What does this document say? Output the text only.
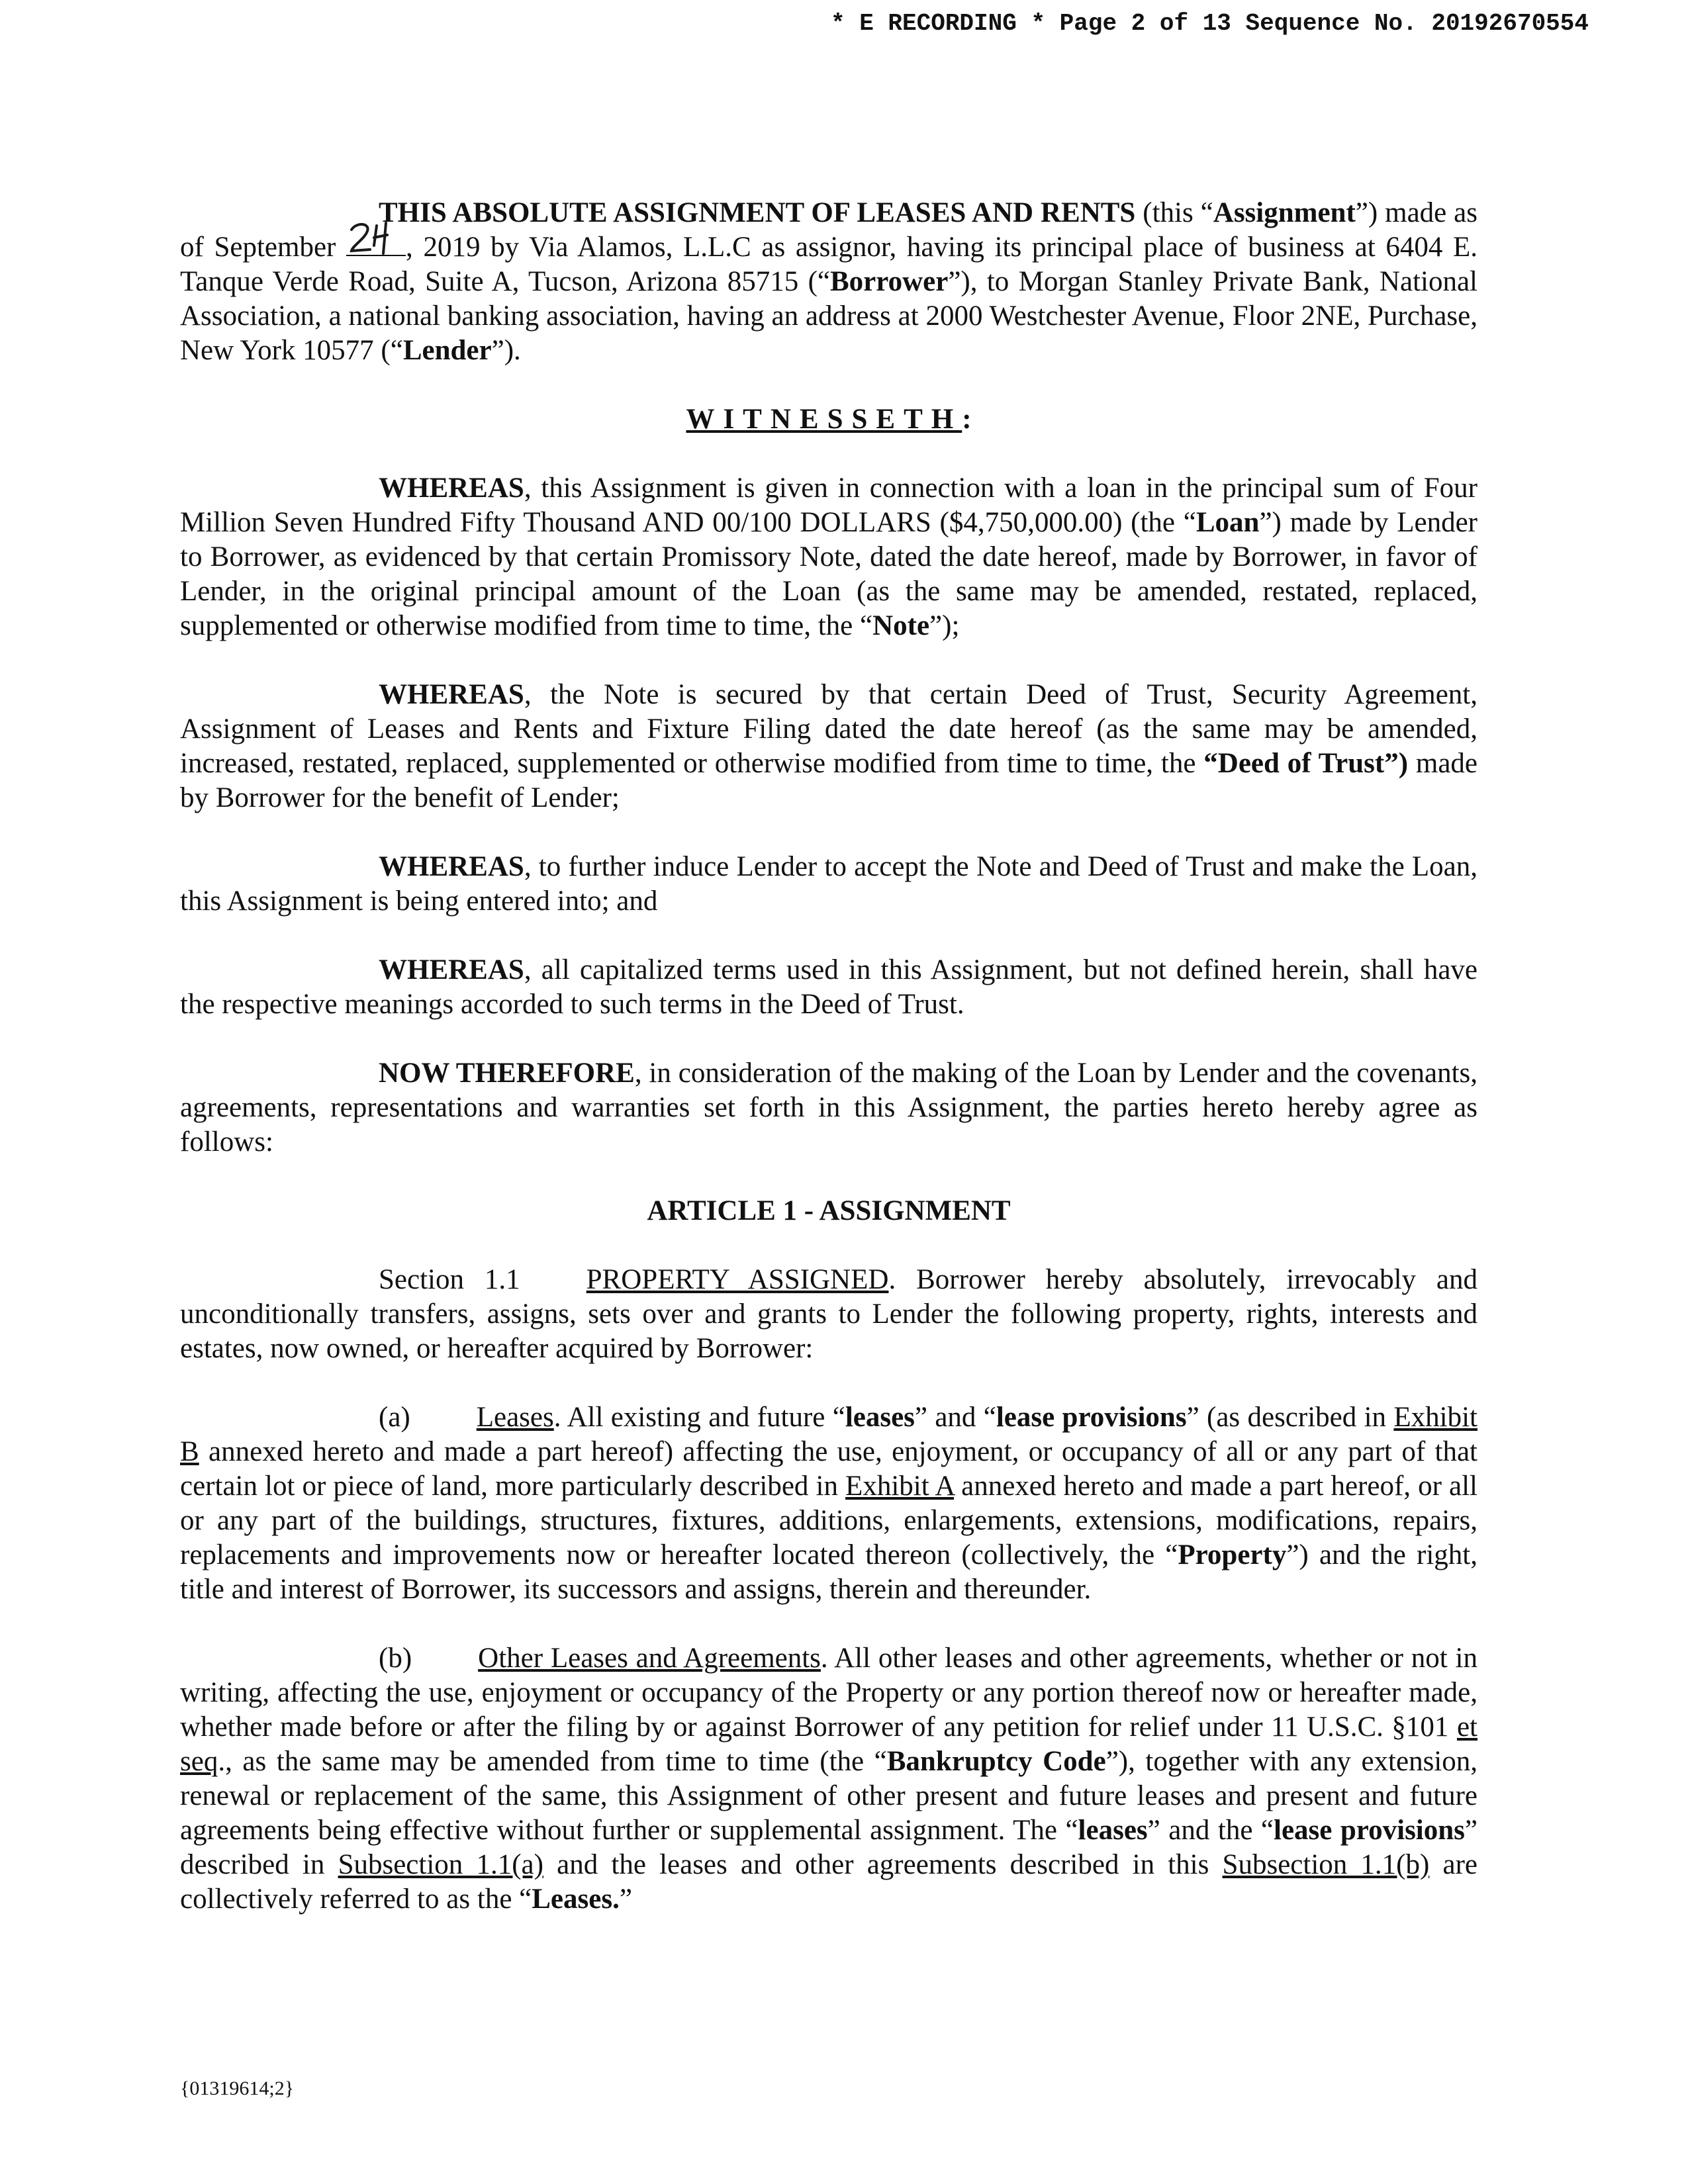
* E RECORDING * Page 2 of 13 Sequence No. 20192670554

THIS ABSOLUTE ASSIGNMENT OF LEASES AND RENTS (this “Assignment”) made as of September
, 2019 by Via Alamos, L.L.C as assignor, having its principal place of business at 6404 E. Tanque Verde Road, Suite A, Tucson, Arizona 85715 (“Borrower”), to Morgan Stanley Private Bank, National Association, a national banking association, having an address at 2000 Westchester Avenue, Floor 2NE, Purchase, New York 10577 (“Lender”).

WITNESSETH:

WHEREAS, this Assignment is given in connection with a loan in the principal sum of Four Million Seven Hundred Fifty Thousand AND 00/100 DOLLARS ($4,750,000.00) (the “Loan”) made by Lender to Borrower, as evidenced by that certain Promissory Note, dated the date hereof, made by Borrower, in favor of Lender, in the original principal amount of the Loan (as the same may be amended, restated, replaced, supplemented or otherwise modified from time to time, the “Note”);

WHEREAS, the Note is secured by that certain Deed of Trust, Security Agreement, Assignment of Leases and Rents and Fixture Filing dated the date hereof (as the same may be amended, increased, restated, replaced, supplemented or otherwise modified from time to time, the “Deed of Trust”) made by Borrower for the benefit of Lender;

WHEREAS, to further induce Lender to accept the Note and Deed of Trust and make the Loan, this Assignment is being entered into; and

WHEREAS, all capitalized terms used in this Assignment, but not defined herein, shall have the respective meanings accorded to such terms in the Deed of Trust.

NOW THEREFORE, in consideration of the making of the Loan by Lender and the covenants, agreements, representations and warranties set forth in this Assignment, the parties hereto hereby agree as follows:

ARTICLE 1 - ASSIGNMENT

Section 1.1 PROPERTY ASSIGNED. Borrower hereby absolutely, irrevocably and unconditionally transfers, assigns, sets over and grants to Lender the following property, rights, interests and estates, now owned, or hereafter acquired by Borrower:

(a) Leases. All existing and future “leases” and “lease provisions” (as described in Exhibit B annexed hereto and made a part hereof) affecting the use, enjoyment, or occupancy of all or any part of that certain lot or piece of land, more particularly described in Exhibit A annexed hereto and made a part hereof, or all or any part of the buildings, structures, fixtures, additions, enlargements, extensions, modifications, repairs, replacements and improvements now or hereafter located thereon (collectively, the “Property”) and the right, title and interest of Borrower, its successors and assigns, therein and thereunder.

(b) Other Leases and Agreements. All other leases and other agreements, whether or not in writing, affecting the use, enjoyment or occupancy of the Property or any portion thereof now or hereafter made, whether made before or after the filing by or against Borrower of any petition for relief under 11 U.S.C. §101 et seq., as the same may be amended from time to time (the “Bankruptcy Code”), together with any extension, renewal or replacement of the same, this Assignment of other present and future leases and present and future agreements being effective without further or supplemental assignment. The “leases” and the “lease provisions” described in Subsection 1.1(a) and the leases and other agreements described in this Subsection 1.1(b) are collectively referred to as the “Leases.”

{01319614;2}
